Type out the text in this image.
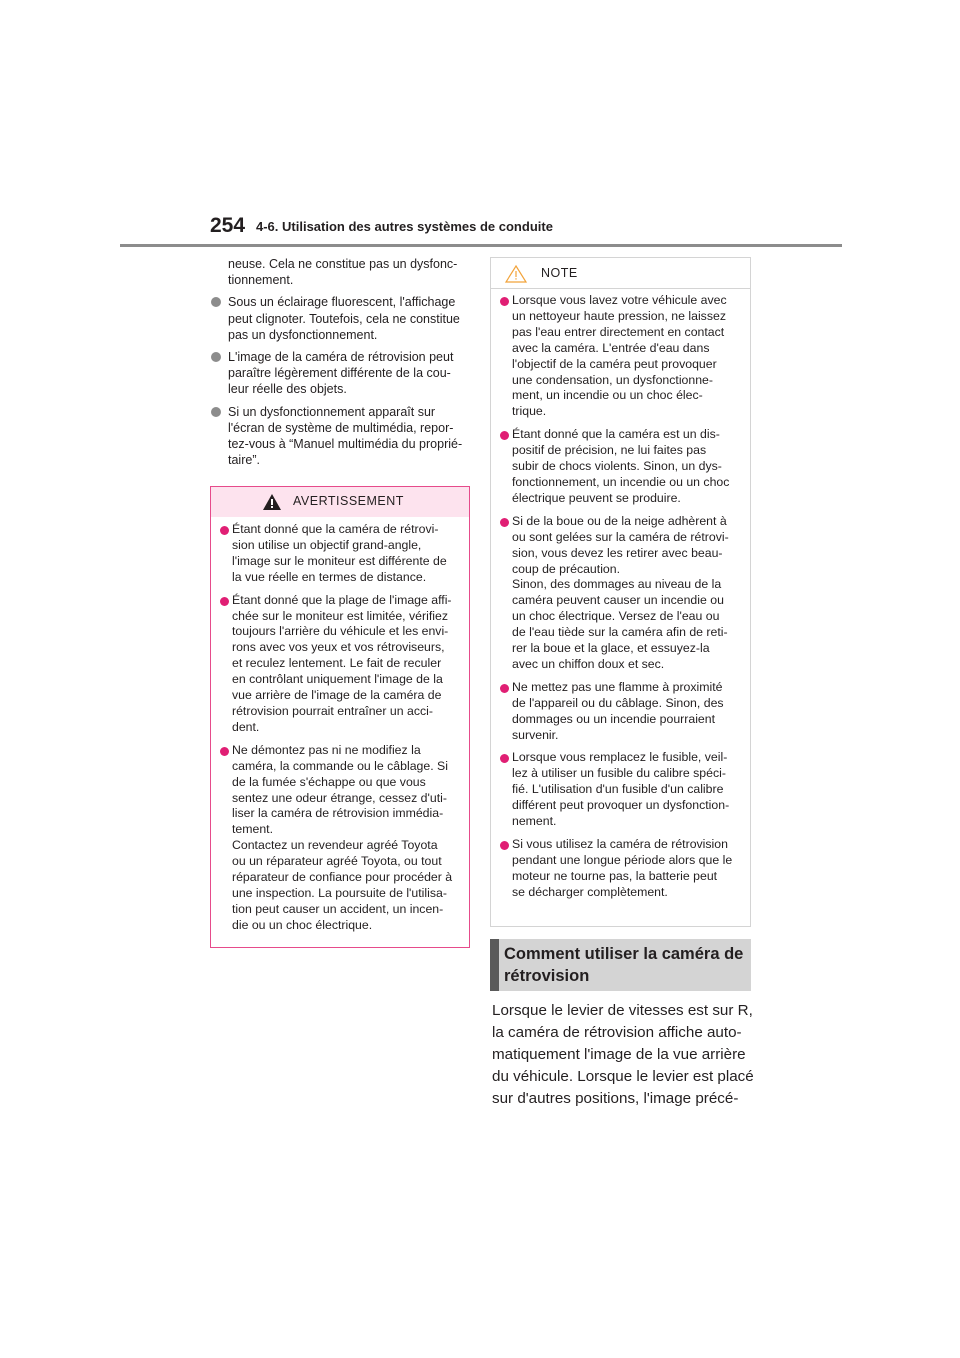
254 4-6. Utilisation des autres systèmes de conduite
neuse. Cela ne constitue pas un dysfonc-
tionnement.
Sous un éclairage fluorescent, l'affichage
peut clignoter. Toutefois, cela ne constitue
pas un dysfonctionnement.
L'image de la caméra de rétrovision peut
paraître légèrement différente de la cou-
leur réelle des objets.
Si un dysfonctionnement apparaît sur
l'écran de système de multimédia, repor-
tez-vous à “Manuel multimédia du proprié-
taire”.
AVERTISSEMENT
Étant donné que la caméra de rétrovi-
sion utilise un objectif grand-angle,
l'image sur le moniteur est différente de
la vue réelle en termes de distance.
Étant donné que la plage de l'image affi-
chée sur le moniteur est limitée, vérifiez
toujours l'arrière du véhicule et les envi-
rons avec vos yeux et vos rétroviseurs,
et reculez lentement. Le fait de reculer
en contrôlant uniquement l'image de la
vue arrière de l'image de la caméra de
rétrovision pourrait entraîner un acci-
dent.
Ne démontez pas ni ne modifiez la
caméra, la commande ou le câblage. Si
de la fumée s'échappe ou que vous
sentez une odeur étrange, cessez d'uti-
liser la caméra de rétrovision immédia-
tement.
Contactez un revendeur agréé Toyota
ou un réparateur agréé Toyota, ou tout
réparateur de confiance pour procéder à
une inspection. La poursuite de l'utilisa-
tion peut causer un accident, un incen-
die ou un choc électrique.
NOTE
Lorsque vous lavez votre véhicule avec
un nettoyeur haute pression, ne laissez
pas l'eau entrer directement en contact
avec la caméra. L'entrée d'eau dans
l'objectif de la caméra peut provoquer
une condensation, un dysfonctionne-
ment, un incendie ou un choc élec-
trique.
Étant donné que la caméra est un dis-
positif de précision, ne lui faites pas
subir de chocs violents. Sinon, un dys-
fonctionnement, un incendie ou un choc
électrique peuvent se produire.
Si de la boue ou de la neige adhèrent à
ou sont gelées sur la caméra de rétrovi-
sion, vous devez les retirer avec beau-
coup de précaution.
Sinon, des dommages au niveau de la
caméra peuvent causer un incendie ou
un choc électrique. Versez de l'eau ou
de l'eau tiède sur la caméra afin de reti-
rer la boue et la glace, et essuyez-la
avec un chiffon doux et sec.
Ne mettez pas une flamme à proximité
de l'appareil ou du câblage. Sinon, des
dommages ou un incendie pourraient
survenir.
Lorsque vous remplacez le fusible, veil-
lez à utiliser un fusible du calibre spéci-
fié. L'utilisation d'un fusible d'un calibre
différent peut provoquer un dysfonction-
nement.
Si vous utilisez la caméra de rétrovision
pendant une longue période alors que le
moteur ne tourne pas, la batterie peut
se décharger complètement.
Comment utiliser la caméra de
rétrovision
Lorsque le levier de vitesses est sur R,
la caméra de rétrovision affiche auto-
matiquement l'image de la vue arrière
du véhicule. Lorsque le levier est placé
sur d'autres positions, l'image précé-
